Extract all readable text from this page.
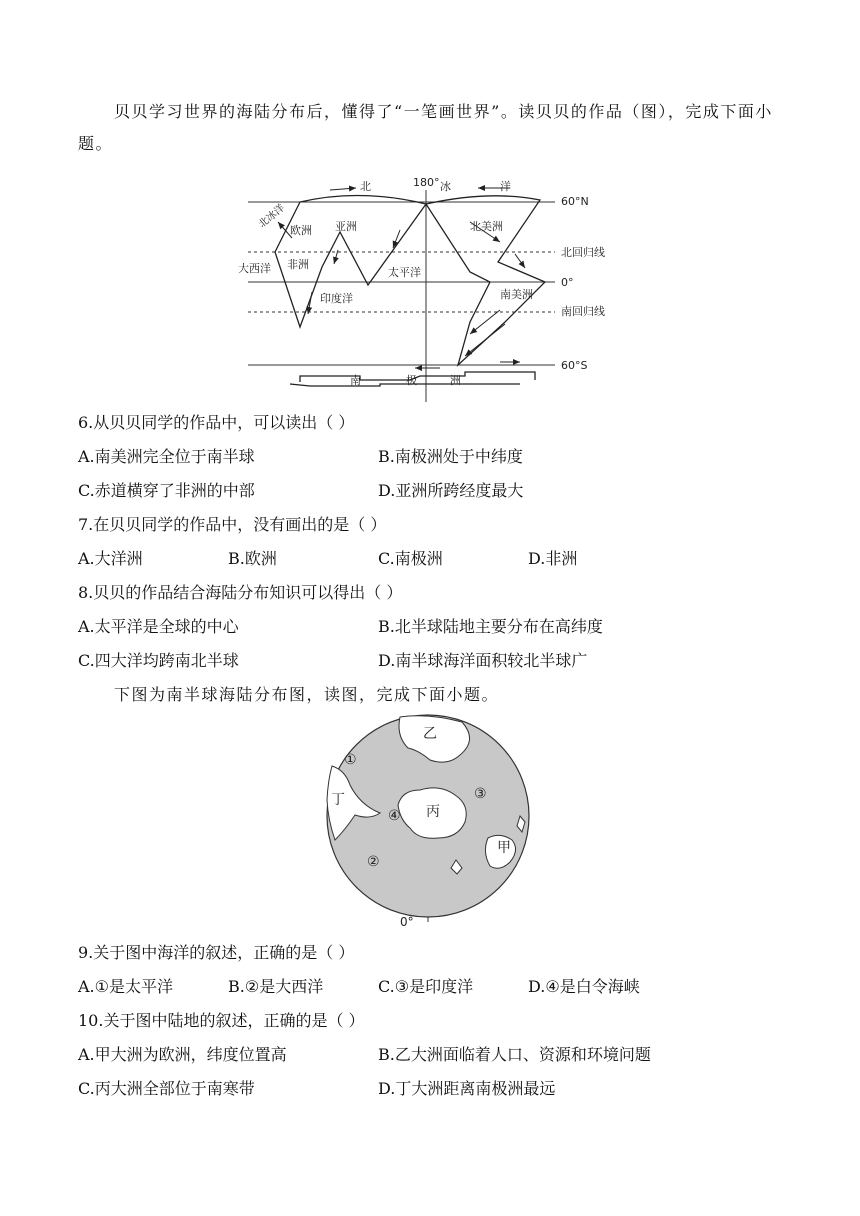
贝贝学习世界的海陆分布后，懂得了“一笔画世界”。读贝贝的作品（图），完成下面小题。
180°
北	冰	洋
60°N
北回归线
0°
南回归线
60°S
北冰洋
欧洲 亚洲	北美洲
大西洋 非洲
太平洋
印度洋	南美洲
南	极	洲
6.从贝贝同学的作品中，可以读出（ ）
A.南美洲完全位于南半球	B.南极洲处于中纬度
C.赤道横穿了非洲的中部	D.亚洲所跨经度最大
7.在贝贝同学的作品中，没有画出的是（ ）
A.大洋洲	B.欧洲	C.南极洲	D.非洲
8.贝贝的作品结合海陆分布知识可以得出（ ）
A.太平洋是全球的中心	B.北半球陆地主要分布在高纬度
C.四大洋均跨南北半球	D.南半球海洋面积较北半球广
下图为南半球海陆分布图，读图，完成下面小题。
乙
丙
甲
丁
①
②
③
④
0°
9.关于图中海洋的叙述，正确的是（ ）
A.①是太平洋	B.②是大西洋	C.③是印度洋	D.④是白令海峡
10.关于图中陆地的叙述，正确的是（ ）
A.甲大洲为欧洲，纬度位置高	B.乙大洲面临着人口、资源和环境问题
C.丙大洲全部位于南寒带	D.丁大洲距离南极洲最远
